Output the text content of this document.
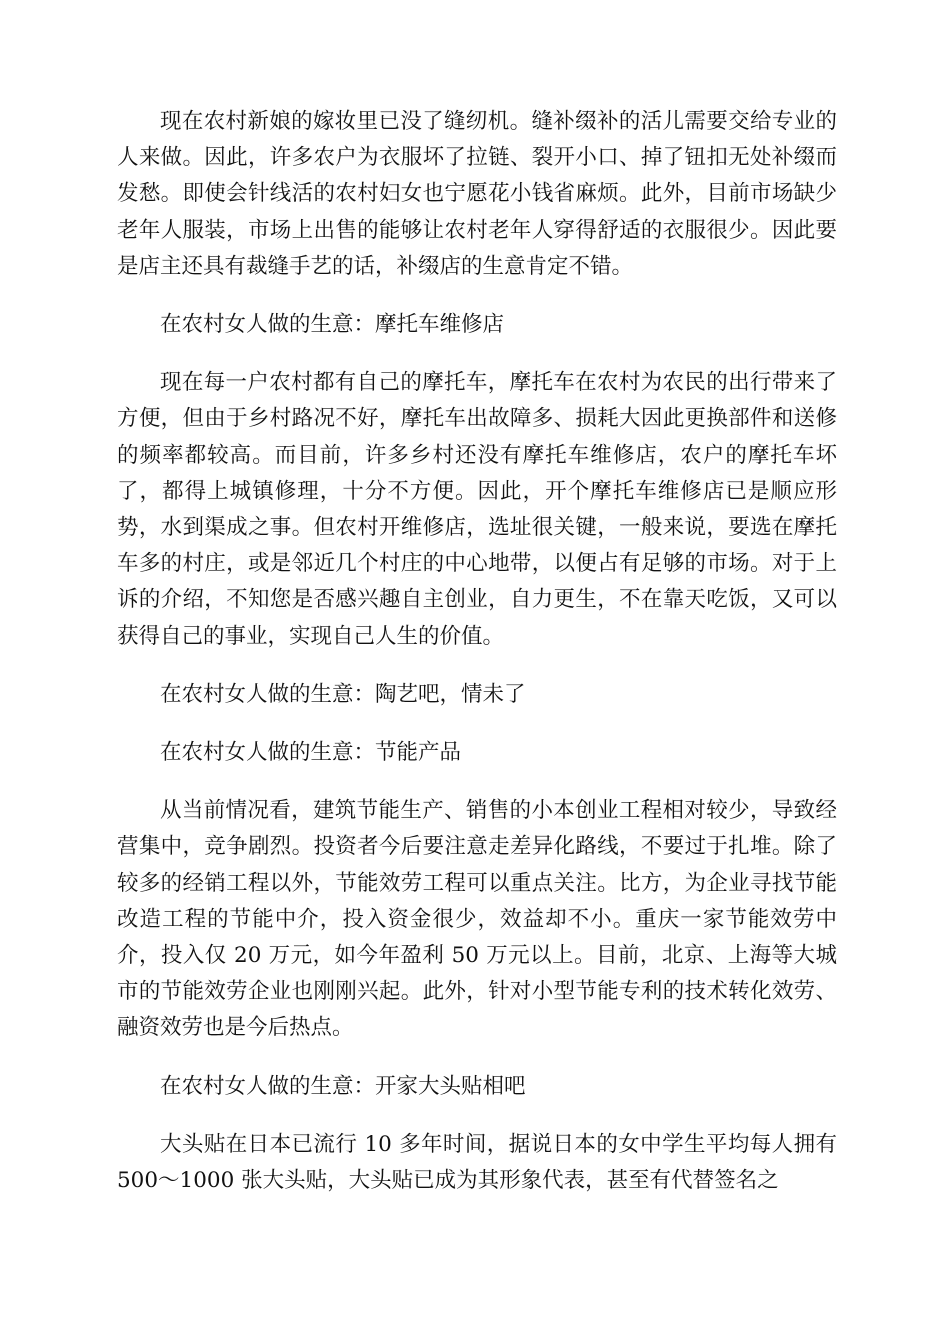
现在农村新娘的嫁妆里已没了缝纫机。缝补缀补的活儿需要交给专业的人来做。因此，许多农户为衣服坏了拉链、裂开小口、掉了钮扣无处补缀而发愁。即使会针线活的农村妇女也宁愿花小钱省麻烦。此外，目前市场缺少老年人服装，市场上出售的能够让农村老年人穿得舒适的衣服很少。因此要是店主还具有裁缝手艺的话，补缀店的生意肯定不错。

在农村女人做的生意：摩托车维修店

现在每一户农村都有自己的摩托车，摩托车在农村为农民的出行带来了方便，但由于乡村路况不好，摩托车出故障多、损耗大因此更换部件和送修的频率都较高。而目前，许多乡村还没有摩托车维修店，农户的摩托车坏了，都得上城镇修理，十分不方便。因此，开个摩托车维修店已是顺应形势，水到渠成之事。但农村开维修店，选址很关键，一般来说，要选在摩托车多的村庄，或是邻近几个村庄的中心地带，以便占有足够的市场。对于上诉的介绍，不知您是否感兴趣自主创业，自力更生，不在靠天吃饭，又可以获得自己的事业，实现自己人生的价值。

在农村女人做的生意：陶艺吧，情未了

在农村女人做的生意：节能产品

从当前情况看，建筑节能生产、销售的小本创业工程相对较少，导致经营集中，竞争剧烈。投资者今后要注意走差异化路线，不要过于扎堆。除了较多的经销工程以外，节能效劳工程可以重点关注。比方，为企业寻找节能改造工程的节能中介，投入资金很少，效益却不小。重庆一家节能效劳中介，投入仅 20 万元，如今年盈利 50 万元以上。目前，北京、上海等大城市的节能效劳企业也刚刚兴起。此外，针对小型节能专利的技术转化效劳、融资效劳也是今后热点。

在农村女人做的生意：开家大头贴相吧

大头贴在日本已流行 10 多年时间，据说日本的女中学生平均每人拥有 500～1000 张大头贴，大头贴已成为其形象代表，甚至有代替签名之
